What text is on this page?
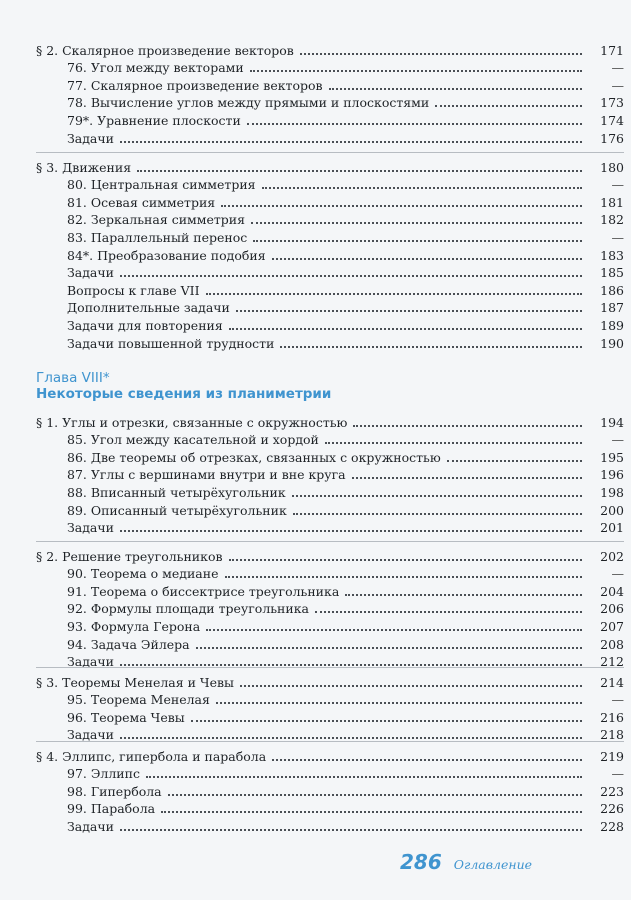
§ 2. Скалярное произведение векторов	171
76. Угол между векторами	—
77. Скалярное произведение векторов	—
78. Вычисление углов между прямыми и плоскостями	173
79*. Уравнение плоскости	174
Задачи	176
§ 3. Движения	180
80. Центральная симметрия	—
81. Осевая симметрия	181
82. Зеркальная симметрия	182
83. Параллельный перенос	—
84*. Преобразование подобия	183
Задачи	185
Вопросы к главе VII	186
Дополнительные задачи	187
Задачи для повторения	189
Задачи повышенной трудности	190
Глава VIII*
Некоторые сведения из планиметрии
§ 1. Углы и отрезки, связанные с окружностью	194
85. Угол между касательной и хордой	—
86. Две теоремы об отрезках, связанных с окружностью	195
87. Углы с вершинами внутри и вне круга	196
88. Вписанный четырёхугольник	198
89. Описанный четырёхугольник	200
Задачи	201
§ 2. Решение треугольников	202
90. Теорема о медиане	—
91. Теорема о биссектрисе треугольника	204
92. Формулы площади треугольника	206
93. Формула Герона	207
94. Задача Эйлера	208
Задачи	212
§ 3. Теоремы Менелая и Чевы	214
95. Теорема Менелая	—
96. Теорема Чевы	216
Задачи	218
§ 4. Эллипс, гипербола и парабола	219
97. Эллипс	—
98. Гипербола	223
99. Парабола	226
Задачи	228
286 Оглавление
